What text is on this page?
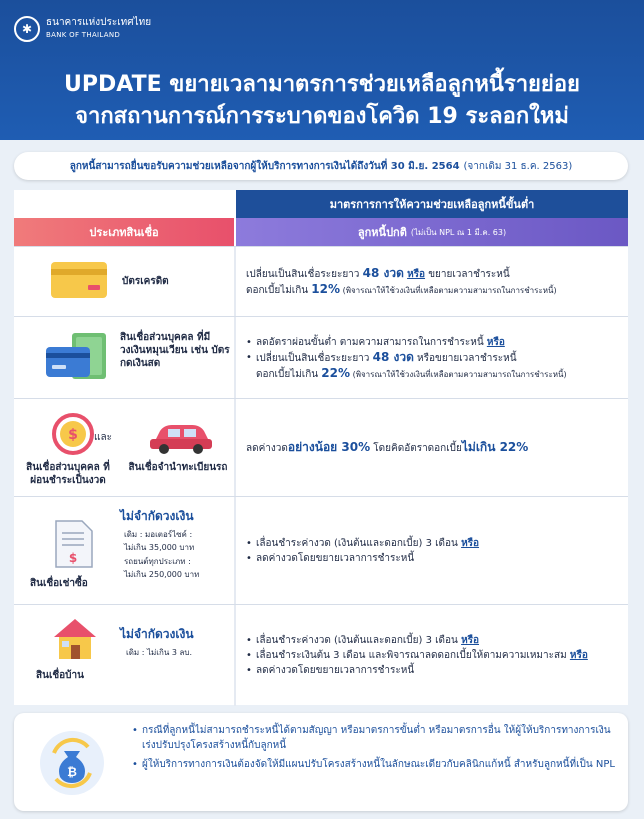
✱	ธนาคารแห่งประเทศไทย
BANK OF THAILAND
UPDATE ขยายเวลามาตรการช่วยเหลือลูกหนี้รายย่อย
จากสถานการณ์การระบาดของโควิด 19 ระลอกใหม่
ลูกหนี้สามารถยื่นขอรับความช่วยเหลือจากผู้ให้บริการทางการเงินได้ถึงวันที่ 30 มิ.ย. 2564 (จากเดิม 31 ธ.ค. 2563)
มาตรการการให้ความช่วยเหลือลูกหนี้ขั้นต่ำ
ประเภทสินเชื่อ	ลูกหนี้ปกติ (ไม่เป็น NPL ณ 1 มี.ค. 63)
บัตรเครดิต
เปลี่ยนเป็นสินเชื่อระยะยาว 48 งวด หรือ ขยายเวลาชำระหนี้
ดอกเบี้ยไม่เกิน 12% (พิจารณาให้ใช้วงเงินที่เหลือตามความสามารถในการชำระหนี้)
สินเชื่อส่วนบุคคล ที่มีวงเงินหมุนเวียน เช่น บัตรกดเงินสด
• ลดอัตราผ่อนขั้นต่ำ ตามความสามารถในการชำระหนี้ หรือ
• เปลี่ยนเป็นสินเชื่อระยะยาว 48 งวด หรือขยายเวลาชำระหนี้
ดอกเบี้ยไม่เกิน 22% (พิจารณาให้ใช้วงเงินที่เหลือตามความสามารถในการชำระหนี้)
$ และ
สินเชื่อส่วนบุคคล ที่ผ่อนชำระเป็นงวด
สินเชื่อจำนำทะเบียนรถ
ลดค่างวดอย่างน้อย 30% โดยคิดอัตราดอกเบี้ยไม่เกิน 22%
$
สินเชื่อเช่าซื้อ
ไม่จำกัดวงเงิน
เดิม : มอเตอร์ไซค์ :
ไม่เกิน 35,000 บาท
รถยนต์ทุกประเภท :
ไม่เกิน 250,000 บาท
• เลื่อนชำระค่างวด (เงินต้นและดอกเบี้ย) 3 เดือน หรือ
• ลดค่างวดโดยขยายเวลาการชำระหนี้
สินเชื่อบ้าน
ไม่จำกัดวงเงิน
เดิม : ไม่เกิน 3 ลบ.
• เลื่อนชำระค่างวด (เงินต้นและดอกเบี้ย) 3 เดือน หรือ
• เลื่อนชำระเงินต้น 3 เดือน และพิจารณาลดดอกเบี้ยให้ตามความเหมาะสม หรือ
• ลดค่างวดโดยขยายเวลาการชำระหนี้
₿
• กรณีที่ลูกหนี้ไม่สามารถชำระหนี้ได้ตามสัญญา หรือมาตรการขั้นต่ำ หรือมาตรการอื่น ให้ผู้ให้บริการทางการเงินเร่งปรับปรุงโครงสร้างหนี้กับลูกหนี้
• ผู้ให้บริการทางการเงินต้องจัดให้มีแผนปรับโครงสร้างหนี้ในลักษณะเดียวกับคลินิกแก้หนี้ สำหรับลูกหนี้ที่เป็น NPL
